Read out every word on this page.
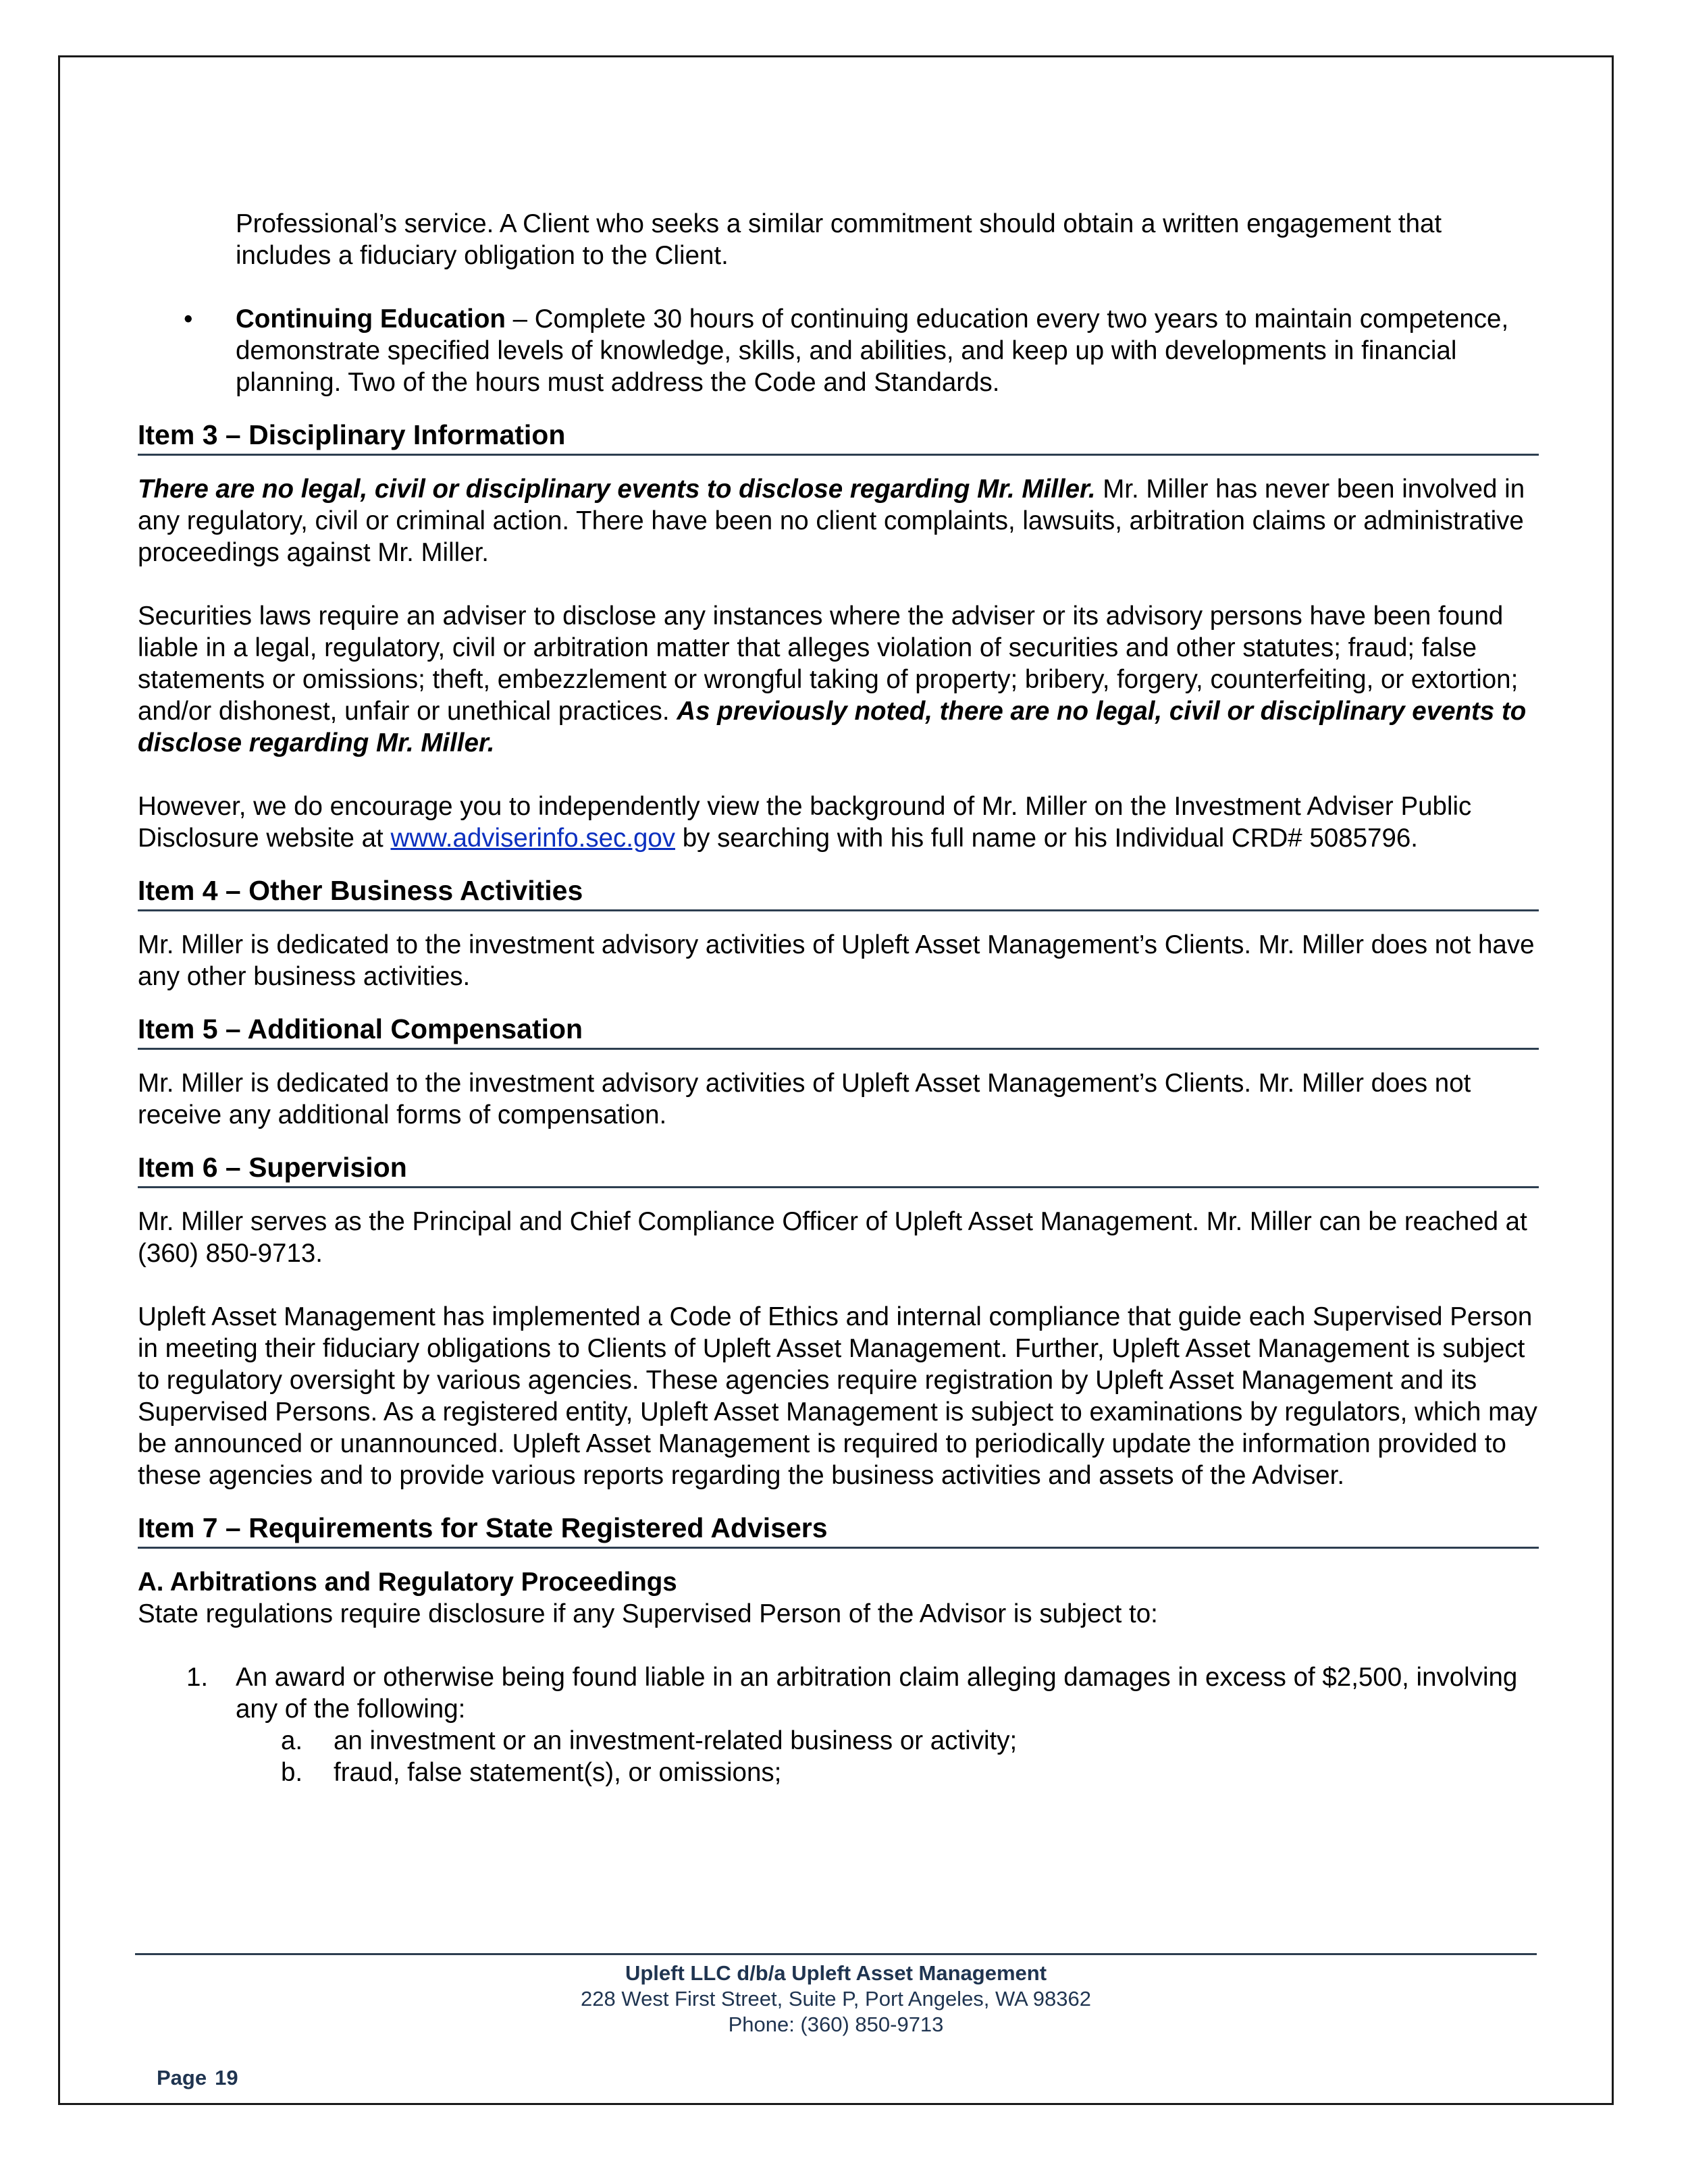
Professional’s service. A Client who seeks a similar commitment should obtain a written engagement that includes a fiduciary obligation to the Client.

• Continuing Education – Complete 30 hours of continuing education every two years to maintain competence, demonstrate specified levels of knowledge, skills, and abilities, and keep up with developments in financial planning. Two of the hours must address the Code and Standards.
Item 3 – Disciplinary Information

There are no legal, civil or disciplinary events to disclose regarding Mr. Miller. Mr. Miller has never been involved in any regulatory, civil or criminal action. There have been no client complaints, lawsuits, arbitration claims or administrative proceedings against Mr. Miller.

Securities laws require an adviser to disclose any instances where the adviser or its advisory persons have been found liable in a legal, regulatory, civil or arbitration matter that alleges violation of securities and other statutes; fraud; false statements or omissions; theft, embezzlement or wrongful taking of property; bribery, forgery, counterfeiting, or extortion; and/or dishonest, unfair or unethical practices. As previously noted, there are no legal, civil or disciplinary events to disclose regarding Mr. Miller.

However, we do encourage you to independently view the background of Mr. Miller on the Investment Adviser Public Disclosure website at www.adviserinfo.sec.gov by searching with his full name or his Individual CRD# 5085796.

Item 4 – Other Business Activities

Mr. Miller is dedicated to the investment advisory activities of Upleft Asset Management’s Clients. Mr. Miller does not have any other business activities.

Item 5 – Additional Compensation

Mr. Miller is dedicated to the investment advisory activities of Upleft Asset Management’s Clients. Mr. Miller does not receive any additional forms of compensation.

Item 6 – Supervision

Mr. Miller serves as the Principal and Chief Compliance Officer of Upleft Asset Management. Mr. Miller can be reached at (360) 850-9713.

Upleft Asset Management has implemented a Code of Ethics and internal compliance that guide each Supervised Person in meeting their fiduciary obligations to Clients of Upleft Asset Management. Further, Upleft Asset Management is subject to regulatory oversight by various agencies. These agencies require registration by Upleft Asset Management and its Supervised Persons. As a registered entity, Upleft Asset Management is subject to examinations by regulators, which may be announced or unannounced. Upleft Asset Management is required to periodically update the information provided to these agencies and to provide various reports regarding the business activities and assets of the Adviser.

Item 7 – Requirements for State Registered Advisers

A. Arbitrations and Regulatory Proceedings

State regulations require disclosure if any Supervised Person of the Advisor is subject to:

1. An award or otherwise being found liable in an arbitration claim alleging damages in excess of $2,500, involving any of the following:
a. an investment or an investment-related business or activity;
b. fraud, false statement(s), or omissions;
Upleft LLC d/b/a Upleft Asset Management
228 West First Street, Suite P, Port Angeles, WA 98362
Phone: (360) 850-9713
Page 19
